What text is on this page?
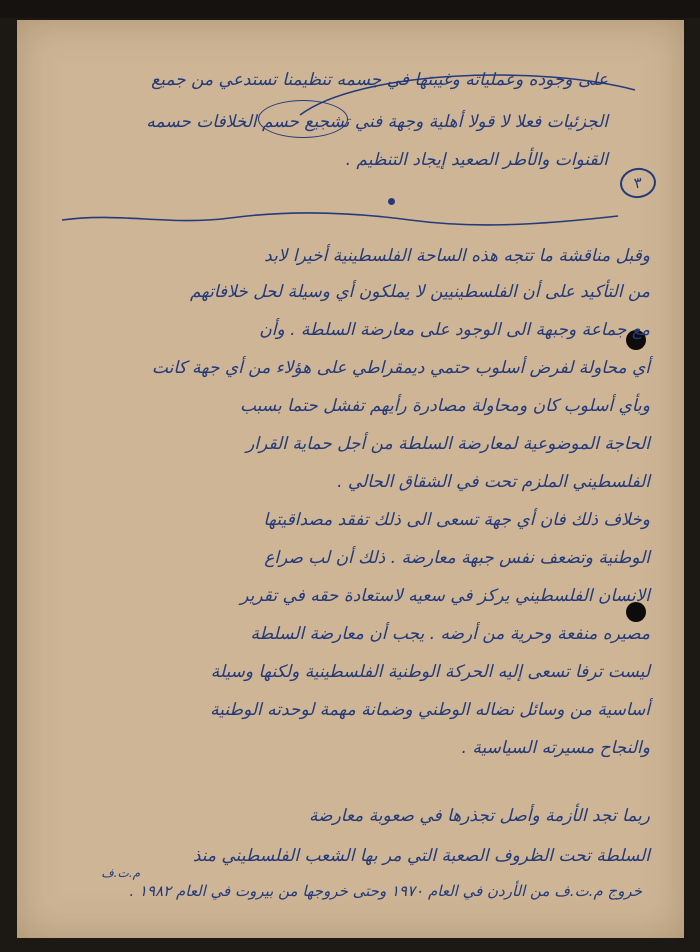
على وجوده وعملياته وغيبتها في جسمه تنظيمنا تستدعي من جميع
الجزئيات فعلا لا قولا أهلية وجهة فني تشجيع حسم الخلافات حسمه
القنوات والأطر الصعيد إيجاد التنظيم .
٣
وقبل مناقشة ما تتجه هذه الساحة الفلسطينية أخيرا لابد
من التأكيد على أن الفلسطينيين لا يملكون أي وسيلة لحل خلافاتهم
مع جماعة وجبهة الى الوجود على معارضة السلطة . وأن
أي محاولة لفرض أسلوب حتمي ديمقراطي على هؤلاء من أي جهة كانت
وبأي أسلوب كان ومحاولة مصادرة رأيهم تفشل حتما بسبب
الحاجة الموضوعية لمعارضة السلطة من أجل حماية القرار
الفلسطيني الملزم تحت في الشقاق الحالي .
وخلاف ذلك فان أي جهة تسعى الى ذلك تفقد مصداقيتها
الوطنية وتضعف نفس جبهة معارضة . ذلك أن لب صراع
الانسان الفلسطيني يركز في سعيه لاستعادة حقه في تقرير
مصيره منفعة وحرية من أرضه . يجب أن معارضة السلطة
ليست ترفا تسعى إليه الحركة الوطنية الفلسطينية ولكنها وسيلة
أساسية من وسائل نضاله الوطني وضمانة مهمة لوحدته الوطنية
والنجاح مسيرته السياسية .
ربما تجد الأزمة وأصل تجذرها في صعوبة معارضة
السلطة تحت الظروف الصعبة التي مر بها الشعب الفلسطيني منذ
م.ت.ف
خروج م.ت.ف من الأردن في العام ١٩٧٠ وحتى خروجها من بيروت في العام ١٩٨٢ .
